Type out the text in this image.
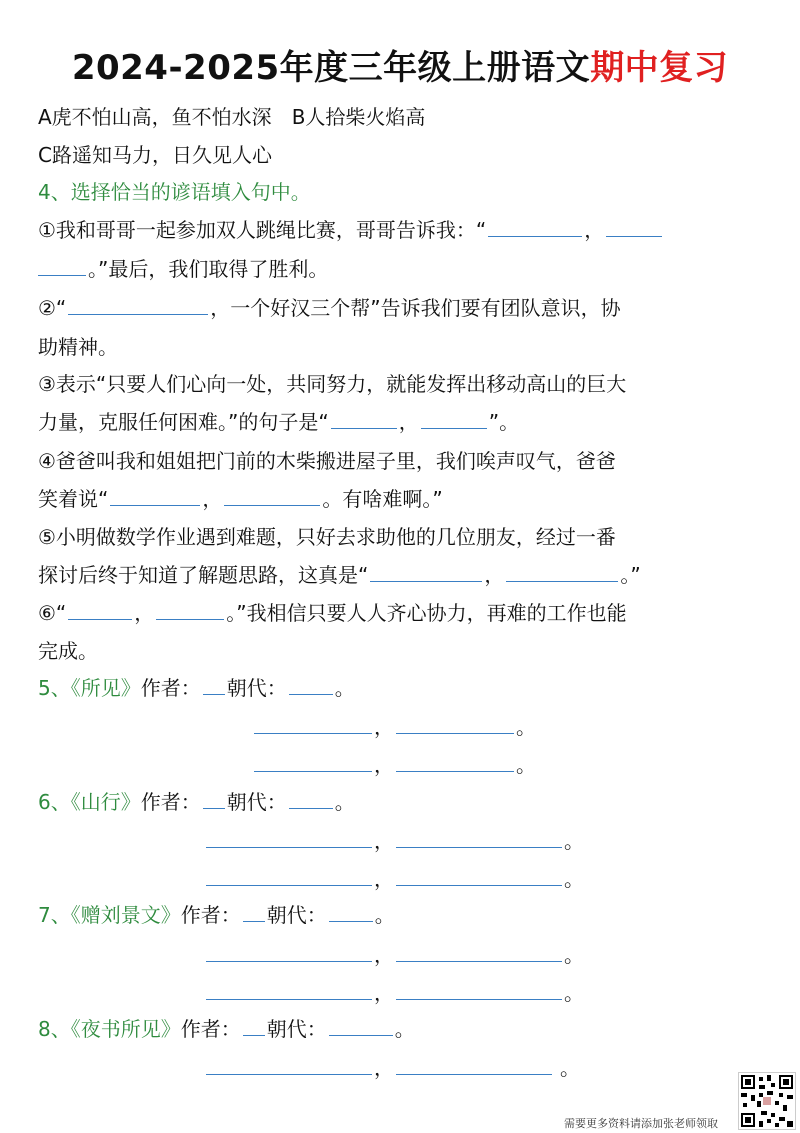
2024-2025年度三年级上册语文期中复习
A虎不怕山高，鱼不怕水深 B人拾柴火焰高
C路遥知马力，日久见人心
4、选择恰当的谚语填入句中。
①我和哥哥一起参加双人跳绳比赛，哥哥告诉我：“	，
。”最后，我们取得了胜利。
②“	，一个好汉三个帮”告诉我们要有团队意识，协
助精神。
③表示“只要人们心向一处，共同努力，就能发挥出移动高山的巨大
力量，克服任何困难。”的句子是“	，	”。
④爸爸叫我和姐姐把门前的木柴搬进屋子里，我们唉声叹气，爸爸
笑着说“	，	。有啥难啊。”
⑤小明做数学作业遇到难题，只好去求助他的几位朋友，经过一番
探讨后终于知道了解题思路，这真是“	，	。”
⑥“	，	。”我相信只要人人齐心协力，再难的工作也能
完成。
5、《所见》作者： 朝代： 。
，	。
，	。
6、《山行》作者： 朝代： 。
，	。
，	。
7、《赠刘景文》作者： 朝代： 。
，	。
，	。
8、《夜书所见》作者： 朝代：	。
，	。
需要更多资料请添加张老师领取
